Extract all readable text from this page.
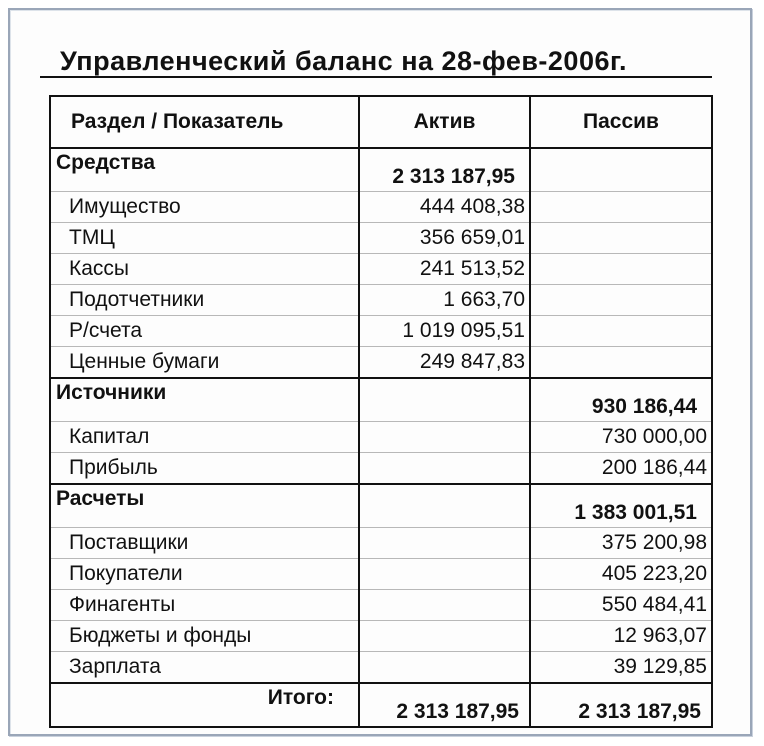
Управленческий баланс на 28-фев-2006г.
Раздел / Показатель	Актив	Пассив
Средства	2 313 187,95	
Имущество	444 408,38	
ТМЦ	356 659,01	
Кассы	241 513,52	
Подотчетники	1 663,70	
Р/счета	1 019 095,51	
Ценные бумаги	249 847,83	
Источники		930 186,44
Капитал		730 000,00
Прибыль		200 186,44
Расчеты		1 383 001,51
Поставщики		375 200,98
Покупатели		405 223,20
Финагенты		550 484,41
Бюджеты и фонды		12 963,07
Зарплата		39 129,85
Итого:	2 313 187,95	2 313 187,95
